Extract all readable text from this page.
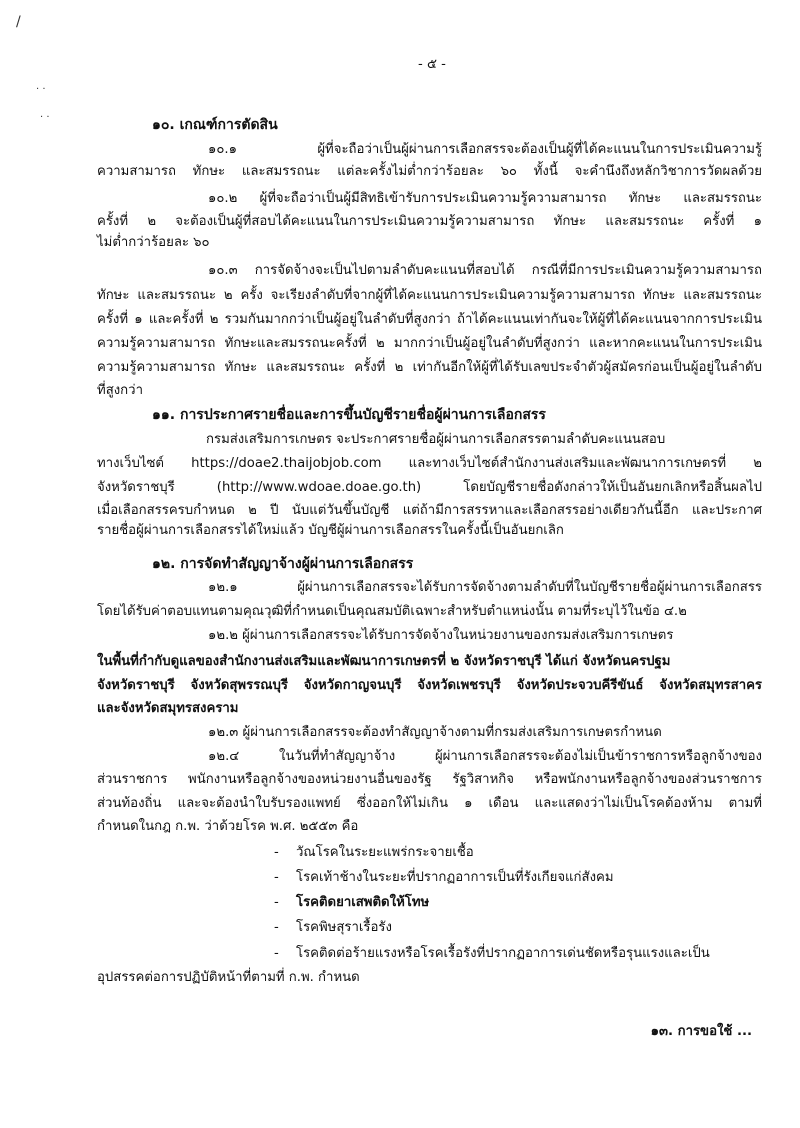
/
· ·
· ·
- ๕ -
๑๐. เกณฑ์การตัดสิน
๑๐.๑ ผู้ที่จะถือว่าเป็นผู้ผ่านการเลือกสรรจะต้องเป็นผู้ที่ได้คะแนนในการประเมินความรู้
ความสามารถ ทักษะ และสมรรถนะ แต่ละครั้งไม่ต่ำกว่าร้อยละ ๖๐ ทั้งนี้ จะคำนึงถึงหลักวิชาการวัดผลด้วย
๑๐.๒ ผู้ที่จะถือว่าเป็นผู้มีสิทธิเข้ารับการประเมินความรู้ความสามารถ ทักษะ และสมรรถนะ
ครั้งที่ ๒ จะต้องเป็นผู้ที่สอบได้คะแนนในการประเมินความรู้ความสามารถ ทักษะ และสมรรถนะ ครั้งที่ ๑
ไม่ต่ำกว่าร้อยละ ๖๐
๑๐.๓ การจัดจ้างจะเป็นไปตามลำดับคะแนนที่สอบได้ กรณีที่มีการประเมินความรู้ความสามารถ
ทักษะ และสมรรถนะ ๒ ครั้ง จะเรียงลำดับที่จากผู้ที่ได้คะแนนการประเมินความรู้ความสามารถ ทักษะ และสมรรถนะ
ครั้งที่ ๑ และครั้งที่ ๒ รวมกันมากกว่าเป็นผู้อยู่ในลำดับที่สูงกว่า ถ้าได้คะแนนเท่ากันจะให้ผู้ที่ได้คะแนนจากการประเมิน
ความรู้ความสามารถ ทักษะและสมรรถนะครั้งที่ ๒ มากกว่าเป็นผู้อยู่ในลำดับที่สูงกว่า และหากคะแนนในการประเมิน
ความรู้ความสามารถ ทักษะ และสมรรถนะ ครั้งที่ ๒ เท่ากันอีกให้ผู้ที่ได้รับเลขประจำตัวผู้สมัครก่อนเป็นผู้อยู่ในลำดับ
ที่สูงกว่า
๑๑. การประกาศรายชื่อและการขึ้นบัญชีรายชื่อผู้ผ่านการเลือกสรร
กรมส่งเสริมการเกษตร จะประกาศรายชื่อผู้ผ่านการเลือกสรรตามลำดับคะแนนสอบ
ทางเว็บไซต์ https://doae2.thaijobjob.com และทางเว็บไซต์สำนักงานส่งเสริมและพัฒนาการเกษตรที่ ๒
จังหวัดราชบุรี (http://www.wdoae.doae.go.th) โดยบัญชีรายชื่อดังกล่าวให้เป็นอันยกเลิกหรือสิ้นผลไป
เมื่อเลือกสรรครบกำหนด ๒ ปี นับแต่วันขึ้นบัญชี แต่ถ้ามีการสรรหาและเลือกสรรอย่างเดียวกันนี้อีก และประกาศ
รายชื่อผู้ผ่านการเลือกสรรได้ใหม่แล้ว บัญชีผู้ผ่านการเลือกสรรในครั้งนี้เป็นอันยกเลิก
๑๒. การจัดทำสัญญาจ้างผู้ผ่านการเลือกสรร
๑๒.๑ ผู้ผ่านการเลือกสรรจะได้รับการจัดจ้างตามลำดับที่ในบัญชีรายชื่อผู้ผ่านการเลือกสรร
โดยได้รับค่าตอบแทนตามคุณวุฒิที่กำหนดเป็นคุณสมบัติเฉพาะสำหรับตำแหน่งนั้น ตามที่ระบุไว้ในข้อ ๔.๒
๑๒.๒ ผู้ผ่านการเลือกสรรจะได้รับการจัดจ้างในหน่วยงานของกรมส่งเสริมการเกษตร
ในพื้นที่กำกับดูแลของสำนักงานส่งเสริมและพัฒนาการเกษตรที่ ๒ จังหวัดราชบุรี ได้แก่ จังหวัดนครปฐม
จังหวัดราชบุรี จังหวัดสุพรรณบุรี จังหวัดกาญจนบุรี จังหวัดเพชรบุรี จังหวัดประจวบคีรีขันธ์ จังหวัดสมุทรสาคร
และจังหวัดสมุทรสงคราม
๑๒.๓ ผู้ผ่านการเลือกสรรจะต้องทำสัญญาจ้างตามที่กรมส่งเสริมการเกษตรกำหนด
๑๒.๔ ในวันที่ทำสัญญาจ้าง ผู้ผ่านการเลือกสรรจะต้องไม่เป็นข้าราชการหรือลูกจ้างของ
ส่วนราชการ พนักงานหรือลูกจ้างของหน่วยงานอื่นของรัฐ รัฐวิสาหกิจ หรือพนักงานหรือลูกจ้างของส่วนราชการ
ส่วนท้องถิ่น และจะต้องนำใบรับรองแพทย์ ซึ่งออกให้ไม่เกิน ๑ เดือน และแสดงว่าไม่เป็นโรคต้องห้าม ตามที่
กำหนดในกฎ ก.พ. ว่าด้วยโรค พ.ศ. ๒๕๕๓ คือ
- วัณโรคในระยะแพร่กระจายเชื้อ
- โรคเท้าช้างในระยะที่ปรากฏอาการเป็นที่รังเกียจแก่สังคม
- โรคติดยาเสพติดให้โทษ
- โรคพิษสุราเรื้อรัง
- โรคติดต่อร้ายแรงหรือโรคเรื้อรังที่ปรากฏอาการเด่นชัดหรือรุนแรงและเป็น
อุปสรรคต่อการปฏิบัติหน้าที่ตามที่ ก.พ. กำหนด
๑๓. การขอใช้ ...
